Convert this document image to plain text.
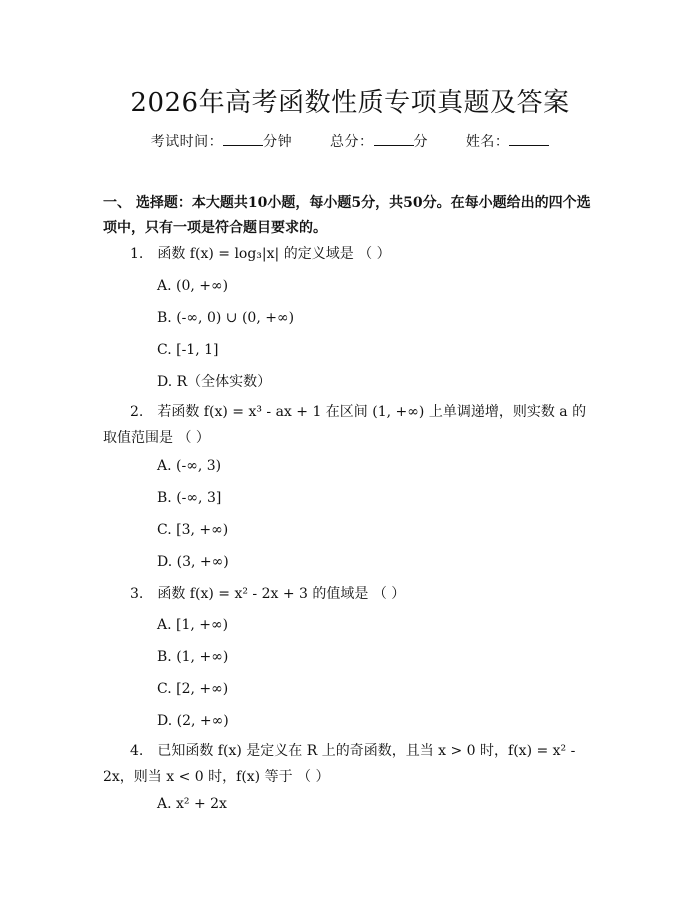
2026年高考函数性质专项真题及答案
考试时间：	分钟	总分：	分	姓名：
一、 选择题：本大题共10小题，每小题5分，共50分。在每小题给出的四个选项中，只有一项是符合题目要求的。
1.　函数 f(x) = log₃|x| 的定义域是 （ ）
A. (0, +∞)
B. (-∞, 0) ∪ (0, +∞)
C. [-1, 1]
D. R（全体实数）
2.　若函数 f(x) = x³ - ax + 1 在区间 (1, +∞) 上单调递增，则实数 a 的取值范围是 （ ）
A. (-∞, 3)
B. (-∞, 3]
C. [3, +∞)
D. (3, +∞)
3.　函数 f(x) = x² - 2x + 3 的值域是 （ ）
A. [1, +∞)
B. (1, +∞)
C. [2, +∞)
D. (2, +∞)
4.　已知函数 f(x) 是定义在 R 上的奇函数，且当 x > 0 时，f(x) = x² - 2x，则当 x < 0 时，f(x) 等于 （ ）
A. x² + 2x
